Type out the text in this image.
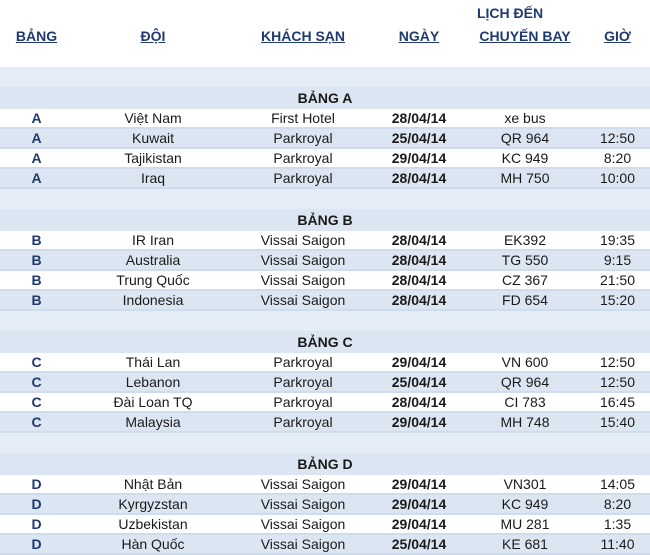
LỊCH ĐẾN
BẢNG	ĐỘI	KHÁCH SẠN	NGÀY	CHUYẾN BAY	GIỜ
BẢNG A
A	Việt Nam	First Hotel	28/04/14	xe bus
A	Kuwait	Parkroyal	25/04/14	QR 964	12:50
A	Tajikistan	Parkroyal	29/04/14	KC 949	8:20
A	Iraq	Parkroyal	28/04/14	MH 750	10:00
BẢNG B
B	IR Iran	Vissai Saigon	28/04/14	EK392	19:35
B	Australia	Vissai Saigon	28/04/14	TG 550	9:15
B	Trung Quốc	Vissai Saigon	28/04/14	CZ 367	21:50
B	Indonesia	Vissai Saigon	28/04/14	FD 654	15:20
BẢNG C
C	Thái Lan	Parkroyal	29/04/14	VN 600	12:50
C	Lebanon	Parkroyal	25/04/14	QR 964	12:50
C	Đài Loan TQ	Parkroyal	28/04/14	CI 783	16:45
C	Malaysia	Parkroyal	29/04/14	MH 748	15:40
BẢNG D
D	Nhật Bản	Vissai Saigon	29/04/14	VN301	14:05
D	Kyrgyzstan	Vissai Saigon	29/04/14	KC 949	8:20
D	Uzbekistan	Vissai Saigon	29/04/14	MU 281	1:35
D	Hàn Quốc	Vissai Saigon	25/04/14	KE 681	11:40
